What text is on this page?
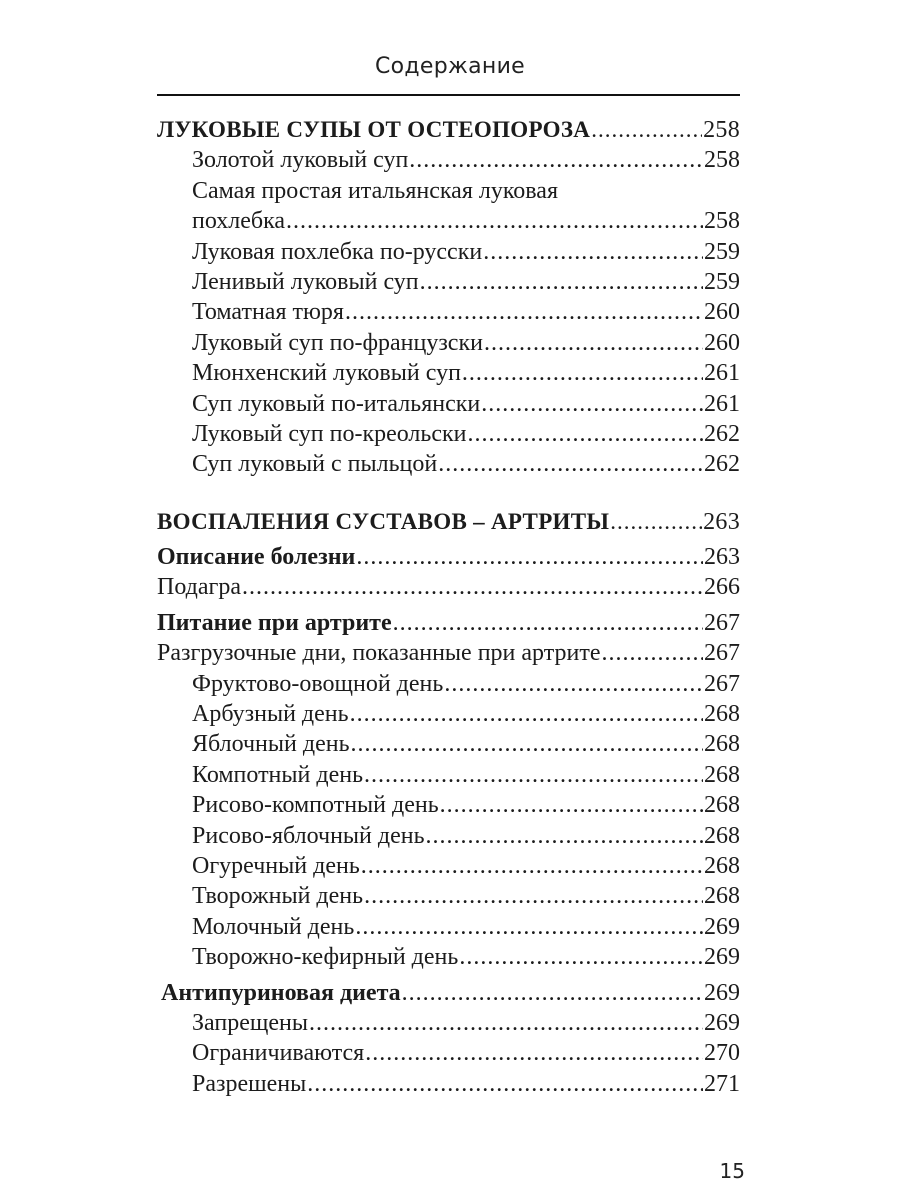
Содержание
ЛУКОВЫЕ СУПЫ ОТ ОСТЕОПОРОЗА .....	258
Золотой луковый суп .....	258
Самая простая итальянская луковая
похлебка .....	258
Луковая похлебка по-русски .....	259
Ленивый луковый суп .....	259
Томатная тюря .....	260
Луковый суп по-французски .....	260
Мюнхенский луковый суп .....	261
Суп луковый по-итальянски .....	261
Луковый суп по-креольски .....	262
Суп луковый с пыльцой .....	262
ВОСПАЛЕНИЯ СУСТАВОВ – АРТРИТЫ .....	263
Описание болезни .....	263
Подагра .....	266
Питание при артрите .....	267
Разгрузочные дни, показанные при артрите .....	267
Фруктово-овощной день .....	267
Арбузный день .....	268
Яблочный день .....	268
Компотный день .....	268
Рисово-компотный день .....	268
Рисово-яблочный день .....	268
Огуречный день .....	268
Творожный день .....	268
Молочный день .....	269
Творожно-кефирный день .....	269
Антипуриновая диета .....	269
Запрещены .....	269
Ограничиваются .....	270
Разрешены .....	271
15
